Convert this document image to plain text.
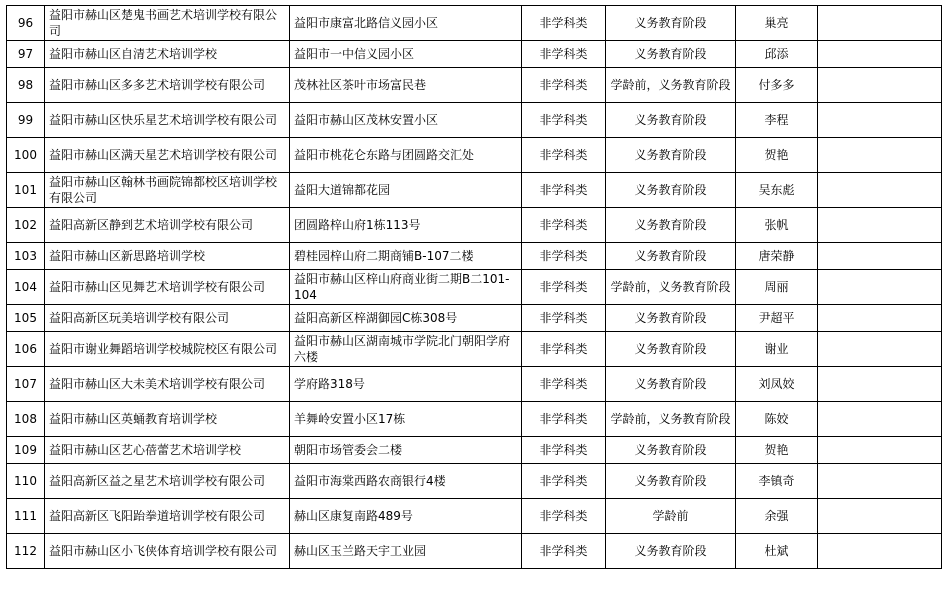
96	益阳市赫山区楚鬼书画艺术培训学校有限公司	益阳市康富北路信义园小区	非学科类	义务教育阶段	巢亮	
97	益阳市赫山区自清艺术培训学校	益阳市一中信义园小区	非学科类	义务教育阶段	邱添	
98	益阳市赫山区多多艺术培训学校有限公司	茂林社区茶叶市场富民巷	非学科类	学龄前，义务教育阶段	付多多	
99	益阳市赫山区快乐星艺术培训学校有限公司	益阳市赫山区茂林安置小区	非学科类	义务教育阶段	李程	
100	益阳市赫山区满天星艺术培训学校有限公司	益阳市桃花仑东路与团圆路交汇处	非学科类	义务教育阶段	贺艳	
101	益阳市赫山区翰林书画院锦都校区培训学校有限公司	益阳大道锦都花园	非学科类	义务教育阶段	吴东彪	
102	益阳高新区静到艺术培训学校有限公司	团圆路梓山府1栋113号	非学科类	义务教育阶段	张帆	
103	益阳市赫山区新思路培训学校	碧桂园梓山府二期商铺B-107二楼	非学科类	义务教育阶段	唐荣静	
104	益阳市赫山区见舞艺术培训学校有限公司	益阳市赫山区梓山府商业街二期B二101-104	非学科类	学龄前，义务教育阶段	周丽	
105	益阳高新区玩美培训学校有限公司	益阳高新区梓湖御园C栋308号	非学科类	义务教育阶段	尹超平	
106	益阳市谢业舞蹈培训学校城院校区有限公司	益阳市赫山区湖南城市学院北门朝阳学府六楼	非学科类	义务教育阶段	谢业	
107	益阳市赫山区大未美术培训学校有限公司	学府路318号	非学科类	义务教育阶段	刘凤姣	
108	益阳市赫山区英蛹教育培训学校	羊舞岭安置小区17栋	非学科类	学龄前，义务教育阶段	陈姣	
109	益阳市赫山区艺心蓓蕾艺术培训学校	朝阳市场管委会二楼	非学科类	义务教育阶段	贺艳	
110	益阳高新区益之星艺术培训学校有限公司	益阳市海棠西路农商银行4楼	非学科类	义务教育阶段	李镇奇	
111	益阳高新区飞阳跆拳道培训学校有限公司	赫山区康复南路489号	非学科类	学龄前	余强	
112	益阳市赫山区小飞侠体育培训学校有限公司	赫山区玉兰路天宇工业园	非学科类	义务教育阶段	杜斌	
